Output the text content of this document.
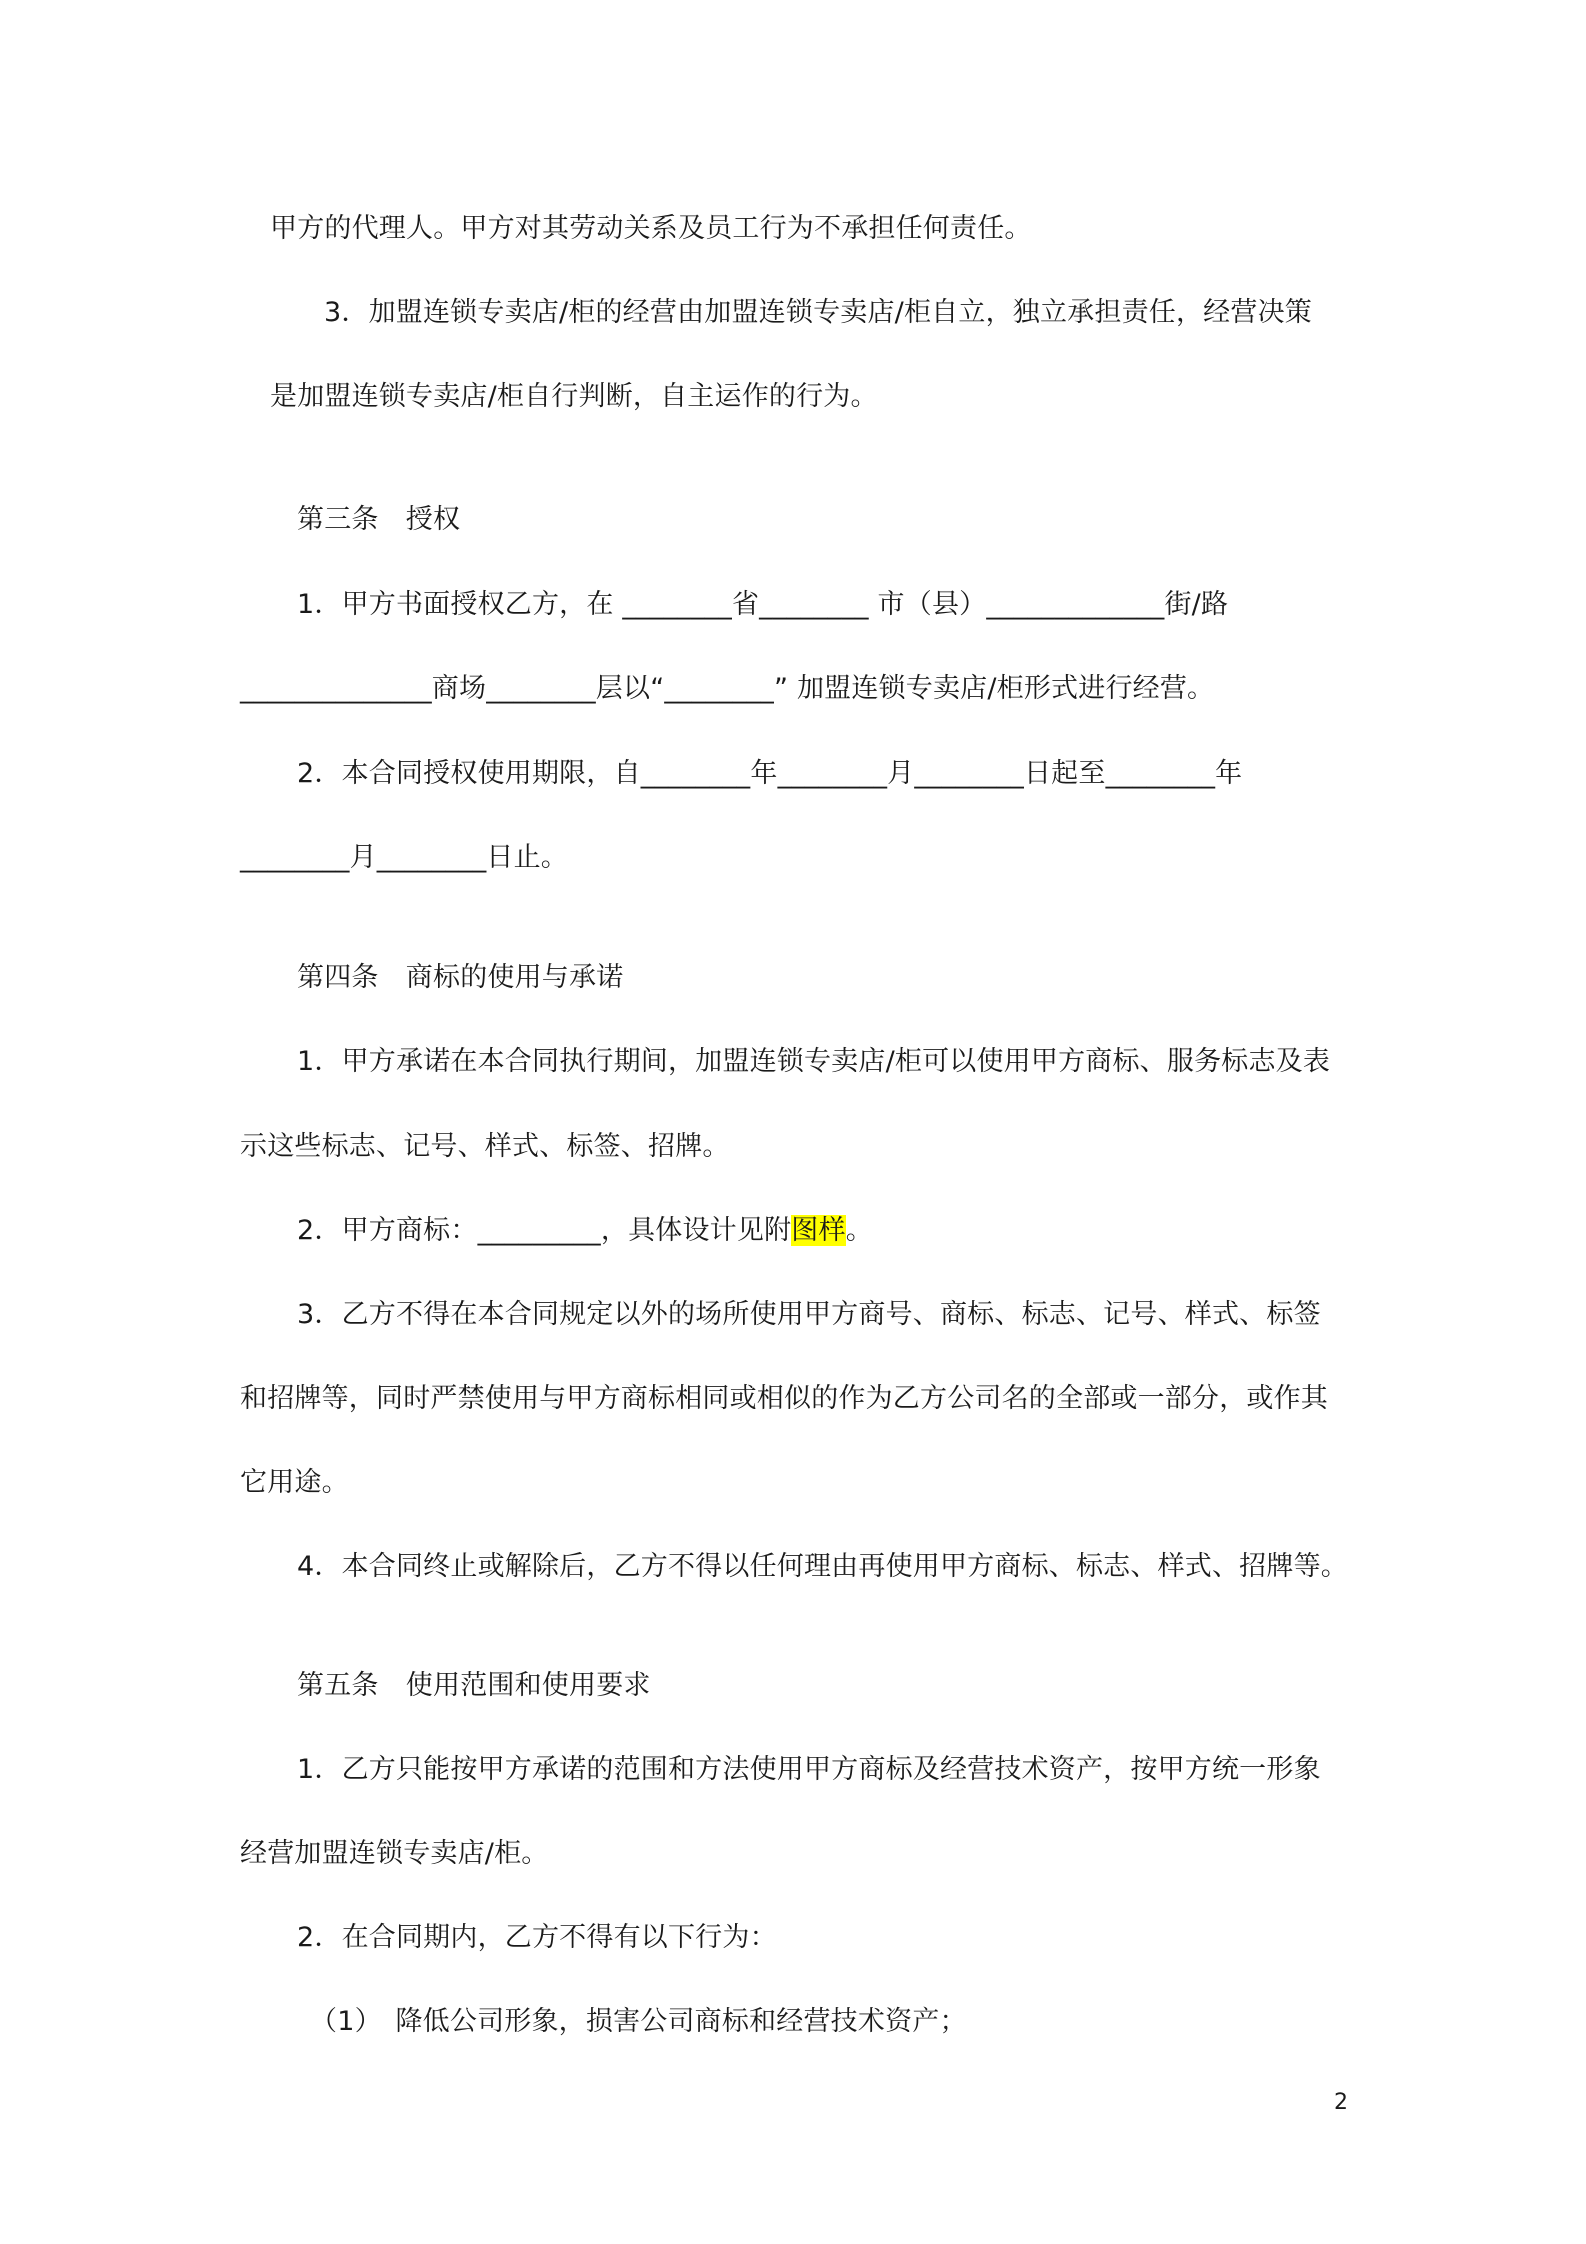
甲方的代理人。甲方对其劳动关系及员工行为不承担任何责任。
3．加盟连锁专卖店/柜的经营由加盟连锁专卖店/柜自立，独立承担责任，经营决策
是加盟连锁专卖店/柜自行判断，自主运作的行为。
第三条　授权
1．甲方书面授权乙方，在 ________省________ 市（县）_____________街/路
______________商场________层以“________” 加盟连锁专卖店/柜形式进行经营。
2．本合同授权使用期限，自________年________月________日起至________年
________月________日止。
第四条　商标的使用与承诺
1．甲方承诺在本合同执行期间，加盟连锁专卖店/柜可以使用甲方商标、服务标志及表
示这些标志、记号、样式、标签、招牌。
2．甲方商标：_________，具体设计见附图样。
3．乙方不得在本合同规定以外的场所使用甲方商号、商标、标志、记号、样式、标签
和招牌等，同时严禁使用与甲方商标相同或相似的作为乙方公司名的全部或一部分，或作其
它用途。
4．本合同终止或解除后，乙方不得以任何理由再使用甲方商标、标志、样式、招牌等。
第五条　使用范围和使用要求
1．乙方只能按甲方承诺的范围和方法使用甲方商标及经营技术资产，按甲方统一形象
经营加盟连锁专卖店/柜。
2．在合同期内，乙方不得有以下行为：
（1）　降低公司形象，损害公司商标和经营技术资产；
2
